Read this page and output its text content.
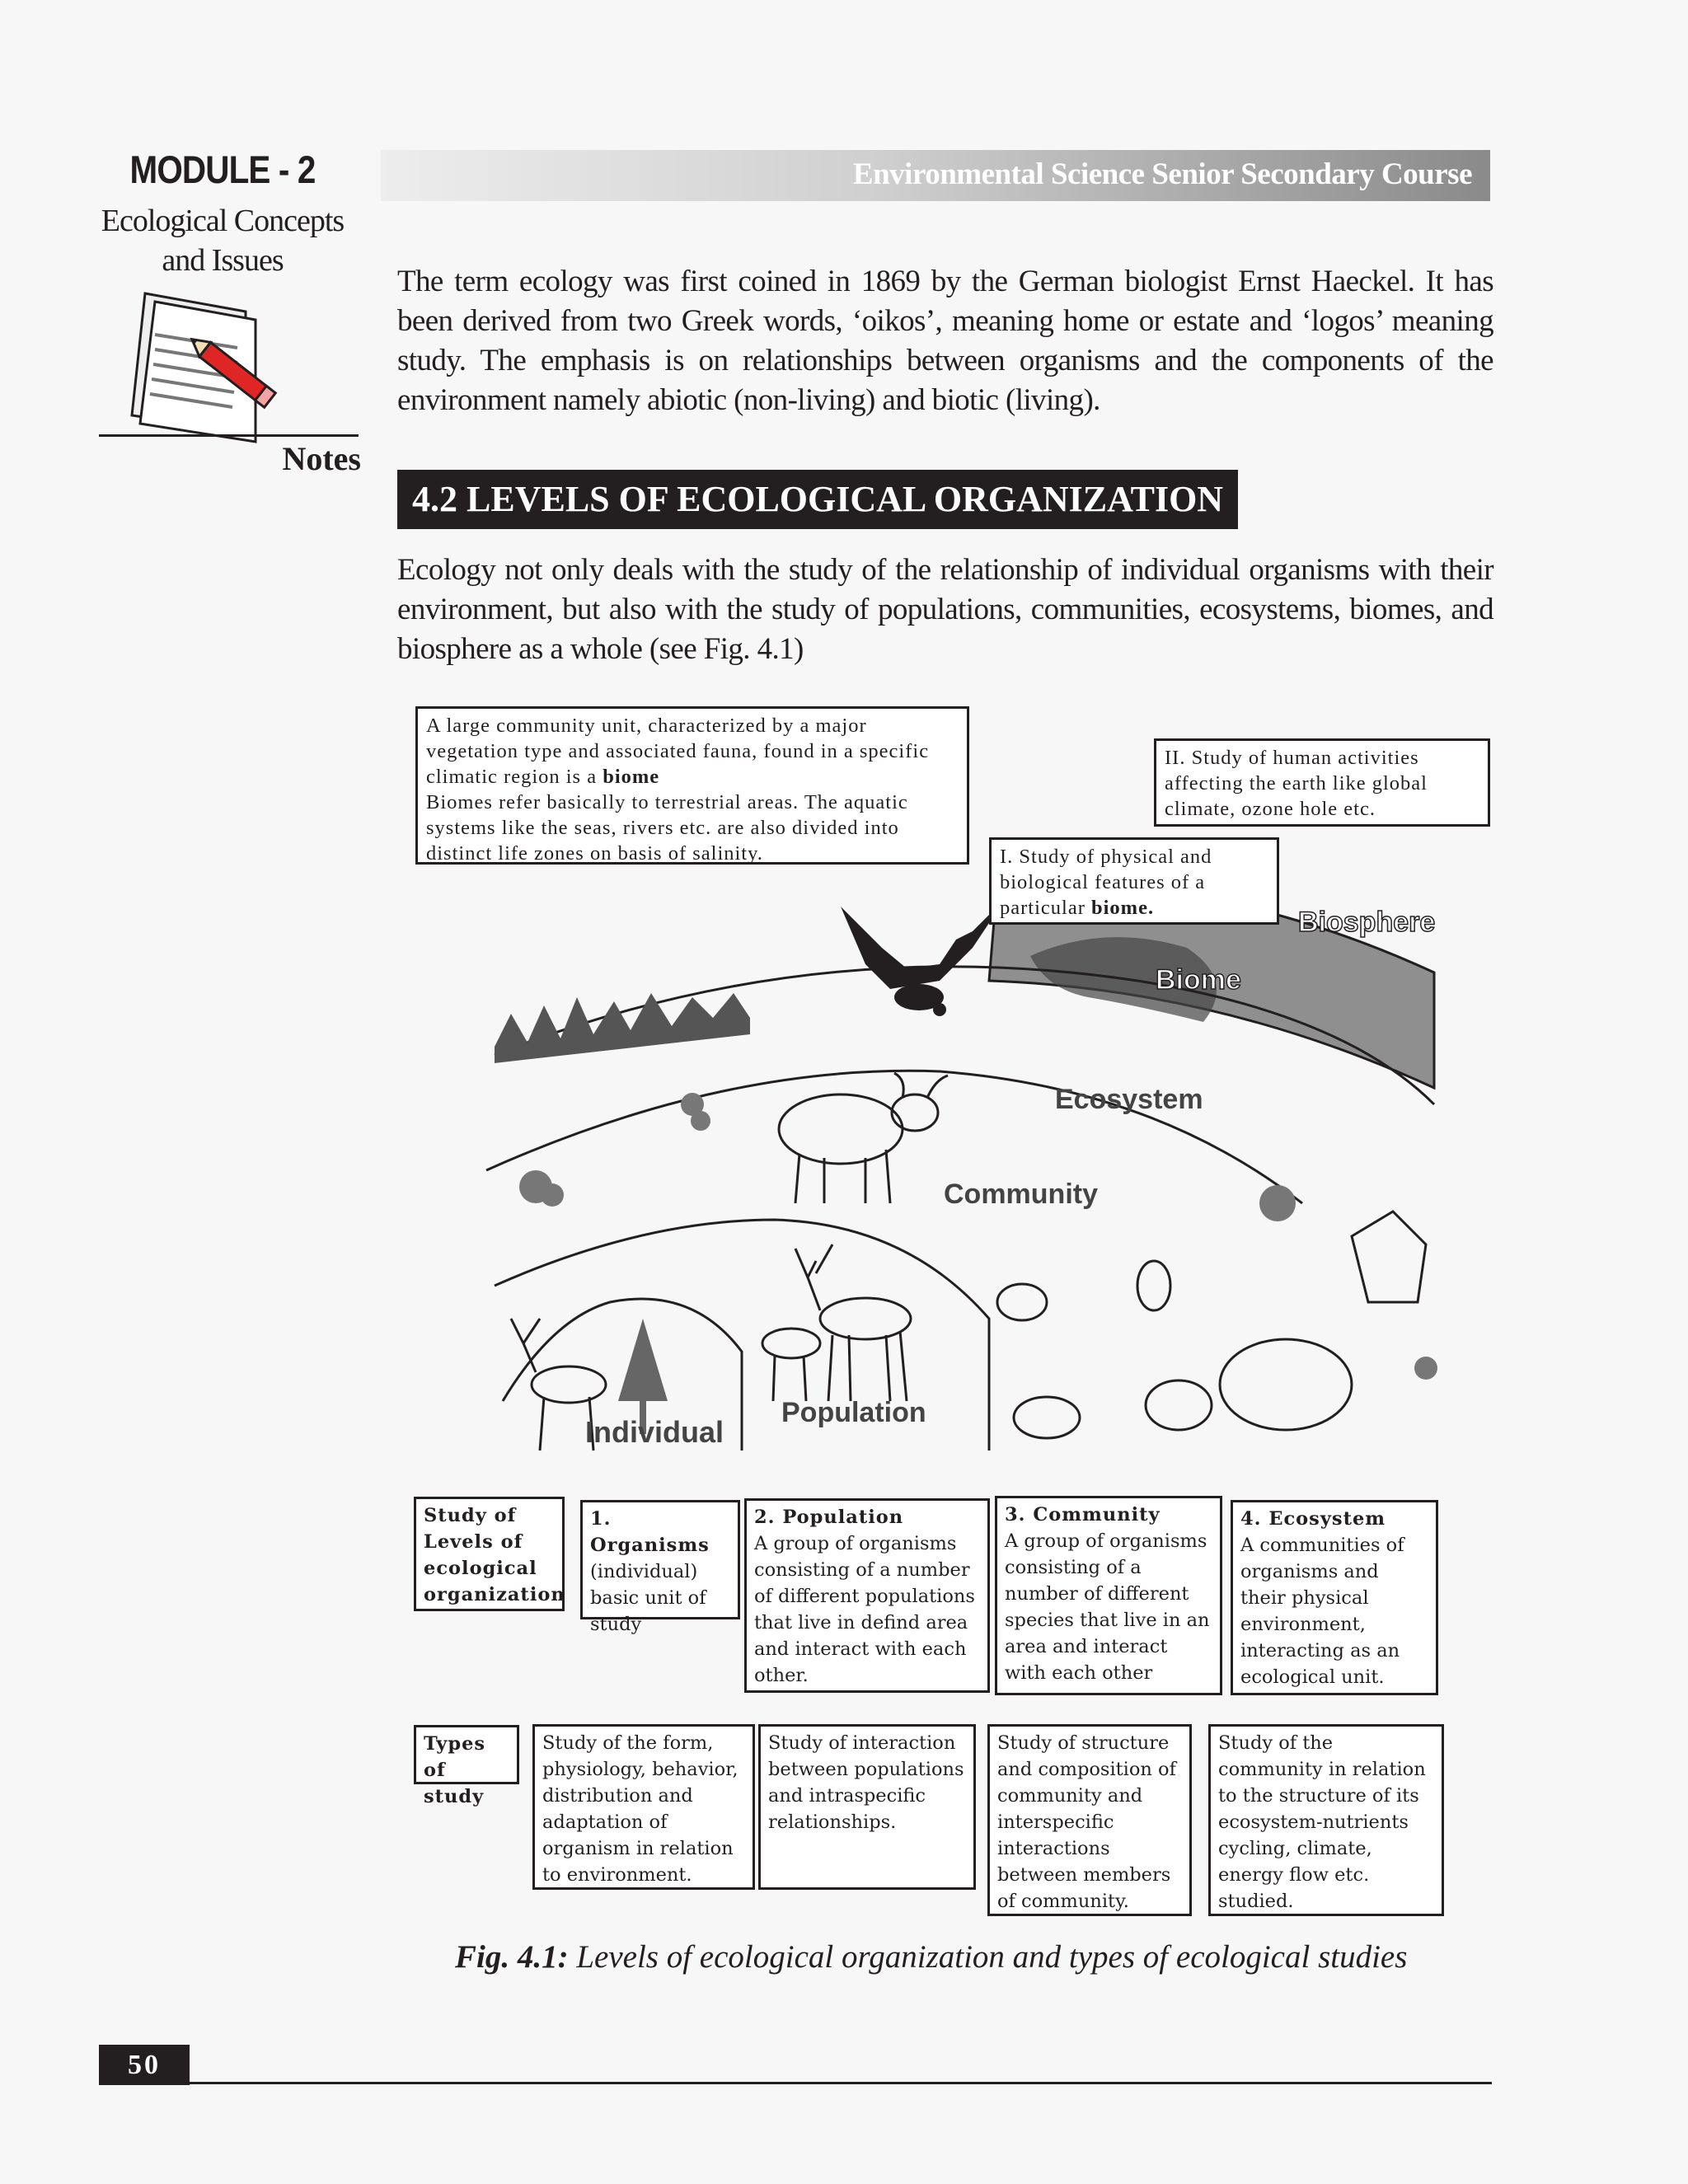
MODULE - 2
Ecological Concepts
and Issues
Notes
Environmental Science Senior Secondary Course
The term ecology was first coined in 1869 by the German biologist Ernst Haeckel. It has been derived from two Greek words, ‘oikos’, meaning home or estate and ‘logos’ meaning study. The emphasis is on relationships between organisms and the components of the environment namely abiotic (non-living) and biotic (living).
4.2 LEVELS OF ECOLOGICAL ORGANIZATION
Ecology not only deals with the study of the relationship of individual organisms with their environment, but also with the study of populations, communities, ecosystems, biomes, and biosphere as a whole (see Fig. 4.1)
Biosphere
Biome
Ecosystem
Community
Population
Individual
A large community unit, characterized by a major vegetation type and associated fauna, found in a specific climatic region is a biome
Biomes refer basically to terrestrial areas. The aquatic systems like the seas, rivers etc. are also divided into distinct life zones on basis of salinity.
II. Study of human activities affecting the earth like global climate, ozone hole etc.
I. Study of physical and biological features of a particular biome.
Study of Levels of ecological organization
1. Organisms
(individual) basic unit of study
2. Population
A group of organisms consisting of a number of different populations that live in defind area and interact with each other.
3. Community
A group of organisms consisting of a number of different species that live in an area and interact with each other
4. Ecosystem
A communities of organisms and their physical environment, interacting as an ecological unit.
Types of study
Study of the form, physiology, behavior, distribution and adaptation of organism in relation to environment.
Study of interaction between populations and intraspecific relationships.
Study of structure and composition of community and interspecific interactions between members of community.
Study of the community in relation to the structure of its ecosystem-nutrients cycling, climate, energy flow etc. studied.
Fig. 4.1: Levels of ecological organization and types of ecological studies
50
